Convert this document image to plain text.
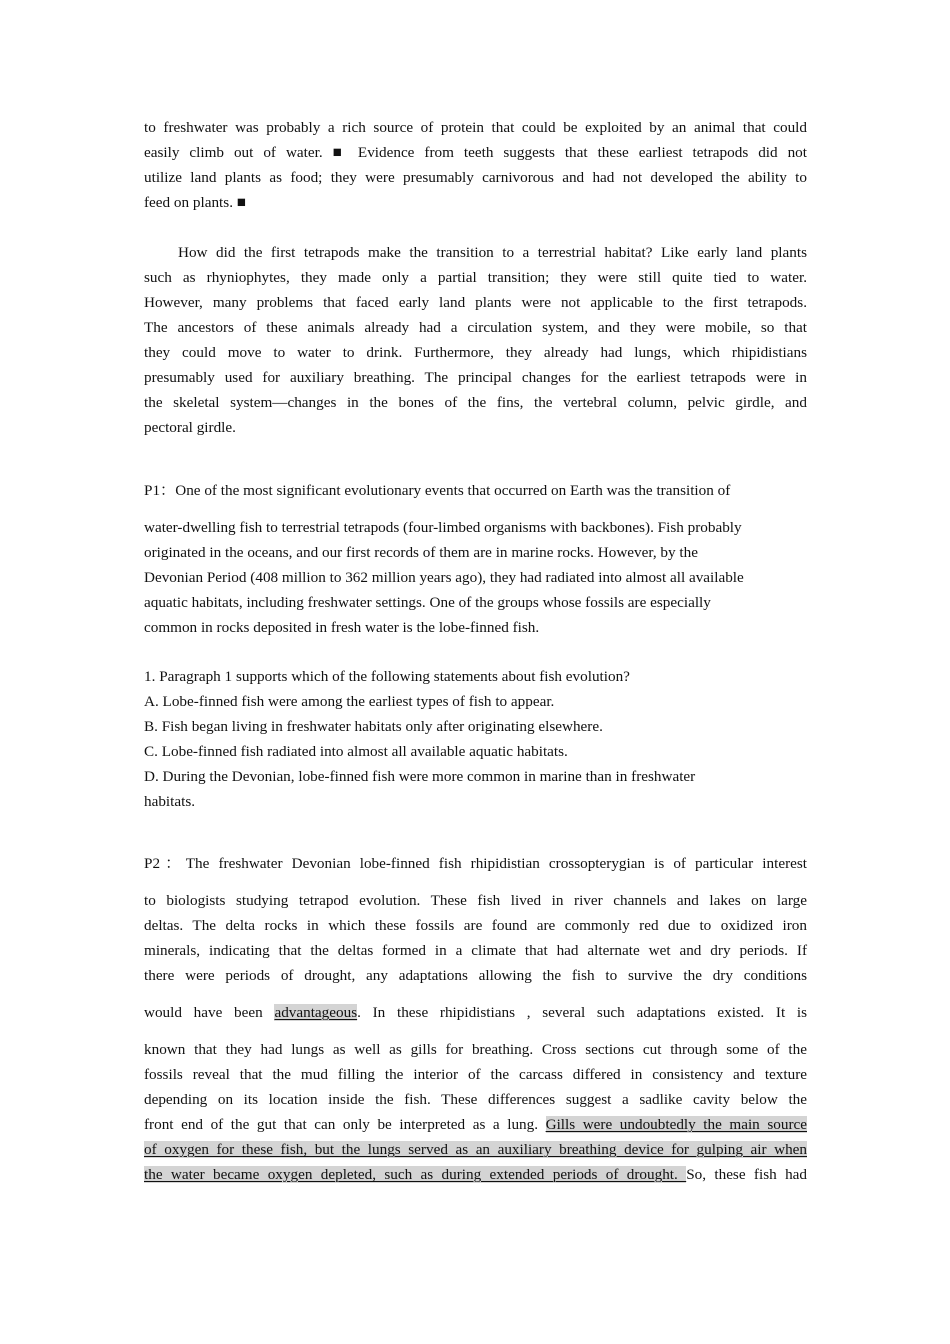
to freshwater was probably a rich source of protein that could be exploited by an animal that could
easily climb out of water. ■ Evidence from teeth suggests that these earliest tetrapods did not
utilize land plants as food; they were presumably carnivorous and had not developed the ability to
feed on plants. ■
How did the first tetrapods make the transition to a terrestrial habitat? Like early land plants
such as rhyniophytes, they made only a partial transition; they were still quite tied to water.
However, many problems that faced early land plants were not applicable to the first tetrapods.
The ancestors of these animals already had a circulation system, and they were mobile, so that
they could move to water to drink. Furthermore, they already had lungs, which rhipidistians
presumably used for auxiliary breathing. The principal changes for the earliest tetrapods were in
the skeletal system—changes in the bones of the fins, the vertebral column, pelvic girdle, and
pectoral girdle.
P1：One of the most significant evolutionary events that occurred on Earth was the transition of
water-dwelling fish to terrestrial tetrapods (four-limbed organisms with backbones). Fish probably
originated in the oceans, and our first records of them are in marine rocks. However, by the
Devonian Period (408 million to 362 million years ago), they had radiated into almost all available
aquatic habitats, including freshwater settings. One of the groups whose fossils are especially
common in rocks deposited in fresh water is the lobe-finned fish.
1. Paragraph 1 supports which of the following statements about fish evolution?
A. Lobe-finned fish were among the earliest types of fish to appear.
B. Fish began living in freshwater habitats only after originating elsewhere.
C. Lobe-finned fish radiated into almost all available aquatic habitats.
D. During the Devonian, lobe-finned fish were more common in marine than in freshwater
habitats.
P2：The freshwater Devonian lobe-finned fish rhipidistian crossopterygian is of particular interest
to biologists studying tetrapod evolution. These fish lived in river channels and lakes on large
deltas. The delta rocks in which these fossils are found are commonly red due to oxidized iron
minerals, indicating that the deltas formed in a climate that had alternate wet and dry periods. If
there were periods of drought, any adaptations allowing the fish to survive the dry conditions
would have been advantageous. In these rhipidistians , several such adaptations existed. It is
known that they had lungs as well as gills for breathing. Cross sections cut through some of the
fossils reveal that the mud filling the interior of the carcass differed in consistency and texture
depending on its location inside the fish. These differences suggest a sadlike cavity below the
front end of the gut that can only be interpreted as a lung. Gills were undoubtedly the main source
of oxygen for these fish, but the lungs served as an auxiliary breathing device for gulping air when
the water became oxygen depleted, such as during extended periods of drought. So, these fish had
